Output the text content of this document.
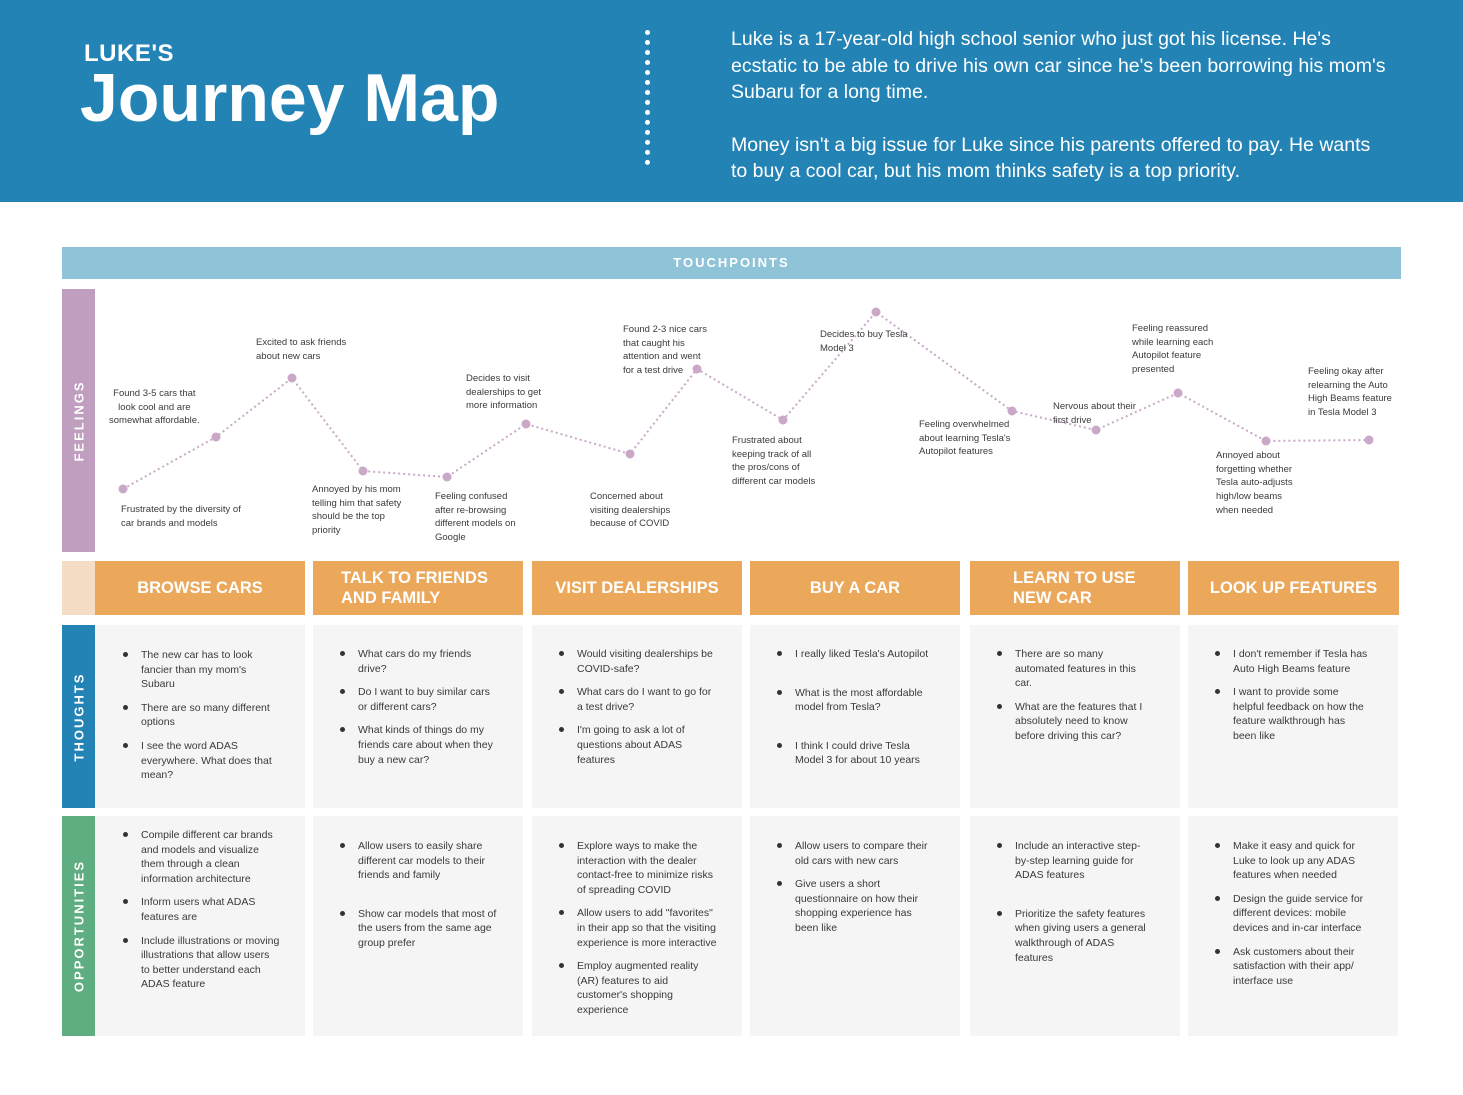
LUKE'S
Journey Map

Luke is a 17-year-old high school senior who just got his license. He's ecstatic to be able to drive his own car since he's been borrowing his mom's Subaru for a long time.

Money isn't a big issue for Luke since his parents offered to pay. He wants to buy a cool car, but his mom thinks safety is a top priority.

TOUCHPOINTS
FEELINGS
THOUGHTS
OPPORTUNITIES
Frustrated by the diversity of
car brands and models
Found 3-5 cars that
look cool and are
somewhat affordable.
Excited to ask friends
about new cars
Annoyed by his mom
telling him that safety
should be the top
priority
Feeling confused
after re-browsing
different models on
Google
Decides to visit
dealerships to get
more information
Concerned about
visiting dealerships
because of COVID
Found 2-3 nice cars
that caught his
attention and went
for a test drive
Frustrated about
keeping track of all
the pros/cons of
different car models
Decides to buy Tesla
Model 3
Feeling overwhelmed
about learning Tesla's
Autopilot features
Nervous about their
first drive
Feeling reassured
while learning each
Autopilot feature
presented
Annoyed about
forgetting whether
Tesla auto-adjusts
high/low beams
when needed
Feeling okay after
relearning the Auto
High Beams feature
in Tesla Model 3
BROWSE CARS
The new car has to look fancier than my mom's Subaru
There are so many different options
I see the word ADAS everywhere. What does that mean?
Compile different car brands and models and visualize them through a clean information architecture
Inform users what ADAS features are
Include illustrations or moving illustrations that allow users to better understand each ADAS feature
TALK TO FRIENDS AND FAMILY
What cars do my friends drive?
Do I want to buy similar cars or different cars?
What kinds of things do my friends care about when they buy a new car?
Allow users to easily share different car models to their friends and family
Show car models that most of the users from the same age group prefer
VISIT DEALERSHIPS
Would visiting dealerships be COVID-safe?
What cars do I want to go for a test drive?
I'm going to ask a lot of questions about ADAS features
Explore ways to make the interaction with the dealer contact-free to minimize risks of spreading COVID
Allow users to add "favorites" in their app so that the visiting experience is more interactive
Employ augmented reality (AR) features to aid customer's shopping experience
BUY A CAR
I really liked Tesla's Autopilot
What is the most affordable model from Tesla?
I think I could drive Tesla Model 3 for about 10 years
Allow users to compare their old cars with new cars
Give users a short questionnaire on how their shopping experience has been like
LEARN TO USE NEW CAR
There are so many automated features in this car.
What are the features that I absolutely need to know before driving this car?
Include an interactive step-by-step learning guide for ADAS features
Prioritize the safety features when giving users a general walkthrough of ADAS features
LOOK UP FEATURES
I don't remember if Tesla has Auto High Beams feature
I want to provide some helpful feedback on how the feature walkthrough has been like
Make it easy and quick for Luke to look up any ADAS features when needed
Design the guide service for different devices: mobile devices and in-car interface
Ask customers about their satisfaction with their app/ interface use
